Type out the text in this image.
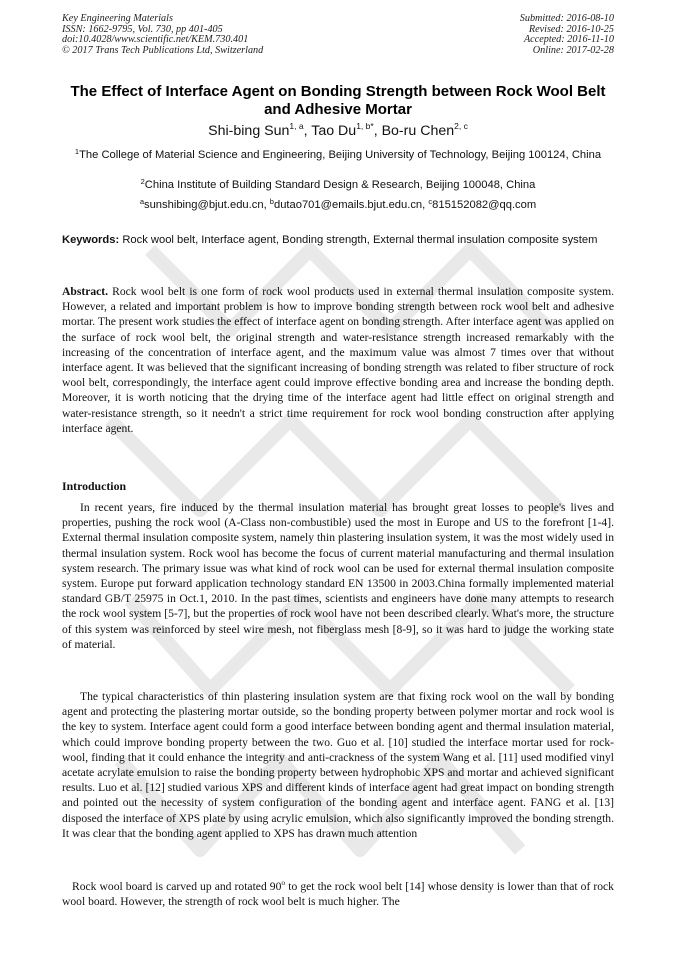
Key Engineering Materials
ISSN: 1662-9795, Vol. 730, pp 401-405
doi:10.4028/www.scientific.net/KEM.730.401
© 2017 Trans Tech Publications Ltd, Switzerland
Submitted: 2016-08-10
Revised: 2016-10-25
Accepted: 2016-11-10
Online: 2017-02-28
The Effect of Interface Agent on Bonding Strength between Rock Wool Belt and Adhesive Mortar
Shi-bing Sun$^{1, a}$, Tao $Du^{1, b*}$, Bo-ru Chen$^{2, c}$
$^1$The College of Material Science and Engineering, Beijing University of Technology, Beijing 100124, China
$^2$China Institute of Building Standard Design & Research, Beijing 100048, China
$^a$sunshibing@bjut.edu.cn, $^b$dutao701@emails.bjut.edu.cn, $^c$815152082@qq.com
Keywords: Rock wool belt, Interface agent, Bonding strength, External thermal insulation composite system
Abstract. Rock wool belt is one form of rock wool products used in external thermal insulation composite system. However, a related and important problem is how to improve bonding strength between rock wool belt and adhesive mortar. The present work studies the effect of interface agent on bonding strength. After interface agent was applied on the surface of rock wool belt, the original strength and water-resistance strength increased remarkably with the increasing of the concentration of interface agent, and the maximum value was almost 7 times over that without interface agent. It was believed that the significant increasing of bonding strength was related to fiber structure of rock wool belt, correspondingly, the interface agent could improve effective bonding area and increase the bonding depth. Moreover, it is worth noticing that the drying time of the interface agent had little effect on original strength and water-resistance strength, so it needn't a strict time requirement for rock wool bonding construction after applying interface agent.
Introduction
In recent years, fire induced by the thermal insulation material has brought great losses to people's lives and properties, pushing the rock wool (A-Class non-combustible) used the most in Europe and US to the forefront [1-4]. External thermal insulation composite system, namely thin plastering insulation system, it was the most widely used in thermal insulation system. Rock wool has become the focus of current material manufacturing and thermal insulation system research. The primary issue was what kind of rock wool can be used for external thermal insulation composite system. Europe put forward application technology standard EN 13500 in 2003.China formally implemented material standard GB/T 25975 in Oct.1, 2010. In the past times, scientists and engineers have done many attempts to research the rock wool system [5-7], but the properties of rock wool have not been described clearly. What's more, the structure of this system was reinforced by steel wire mesh, not fiberglass mesh [8-9], so it was hard to judge the working state of material.
The typical characteristics of thin plastering insulation system are that fixing rock wool on the wall by bonding agent and protecting the plastering mortar outside, so the bonding property between polymer mortar and rock wool is the key to system. Interface agent could form a good interface between bonding agent and thermal insulation material, which could improve bonding property between the two. Guo et al. [10] studied the interface mortar used for rock-wool, finding that it could enhance the integrity and anti-crackness of the system Wang et al. [11] used modified vinyl acetate acrylate emulsion to raise the bonding property between hydrophobic XPS and mortar and achieved significant results. Luo et al. [12] studied various XPS and different kinds of interface agent had great impact on bonding strength and pointed out the necessity of system configuration of the bonding agent and interface agent. FANG et al. [13] disposed the interface of XPS plate by using acrylic emulsion, which also significantly improved the bonding strength. It was clear that the bonding agent applied to XPS has drawn much attention
Rock wool board is carved up and rotated 90$^o$ to get the rock wool belt [14] whose density is lower than that of rock wool board. However, the strength of rock wool belt is much higher. The
